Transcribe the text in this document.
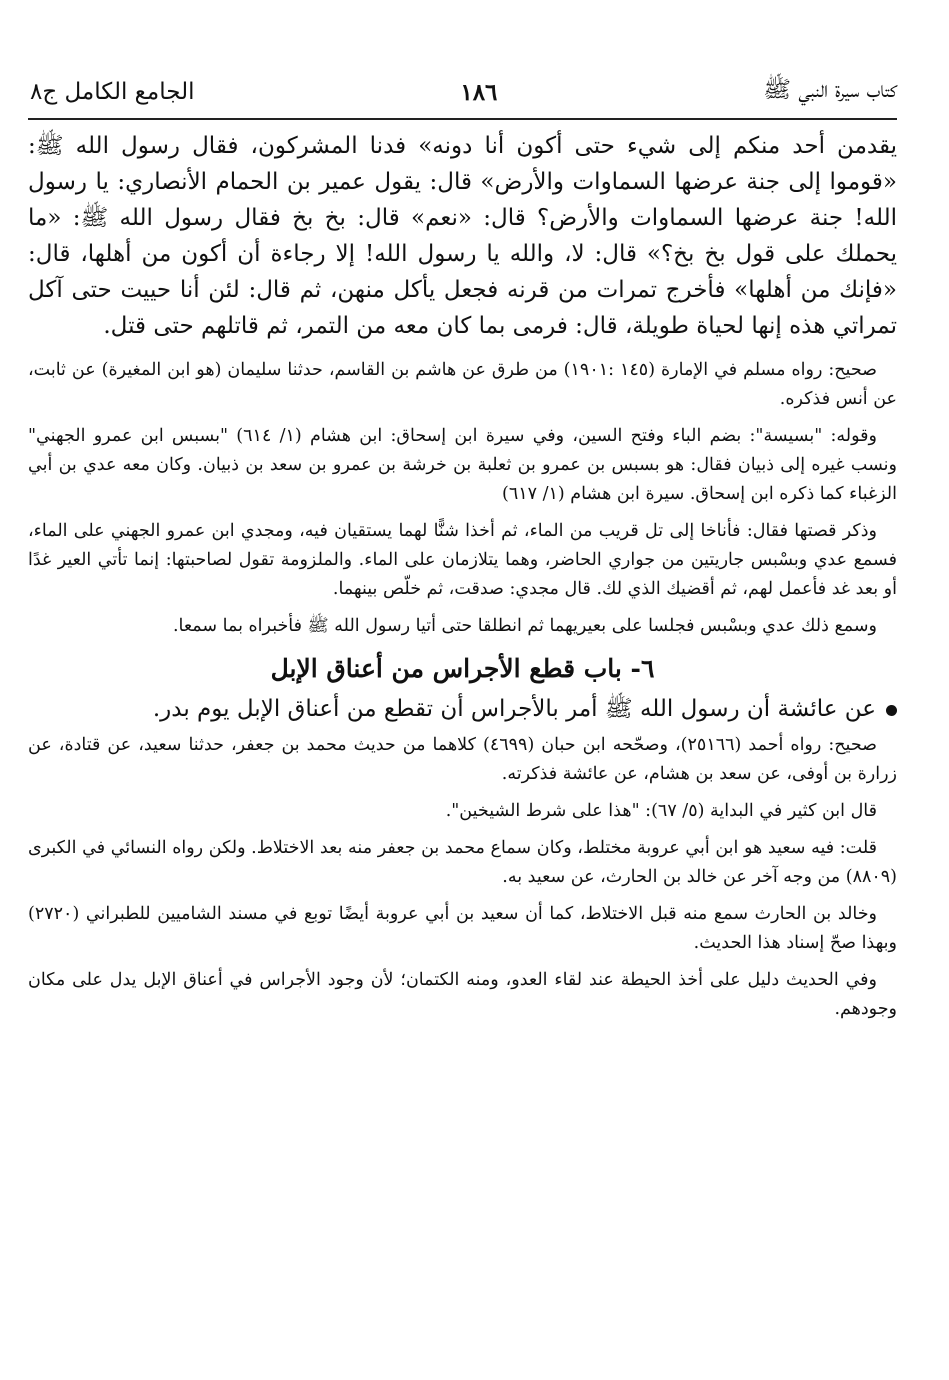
كتاب سيرة النبي ﷺ
١٨٦
الجامع الكامل ج٨

يقدمن أحد منكم إلى شيء حتى أكون أنا دونه» فدنا المشركون، فقال رسول الله ﷺ: «قوموا إلى جنة عرضها السماوات والأرض» قال: يقول عمير بن الحمام الأنصاري: يا رسول الله! جنة عرضها السماوات والأرض؟ قال: «نعم» قال: بخ بخ فقال رسول الله ﷺ: «ما يحملك على قول بخ بخ؟» قال: لا، والله يا رسول الله! إلا رجاءة أن أكون من أهلها، قال: «فإنك من أهلها» فأخرج تمرات من قرنه فجعل يأكل منهن، ثم قال: لئن أنا حييت حتى آكل تمراتي هذه إنها لحياة طويلة، قال: فرمى بما كان معه من التمر، ثم قاتلهم حتى قتل.

صحيح: رواه مسلم في الإمارة (١٤٥ :١٩٠١) من طرق عن هاشم بن القاسم، حدثنا سليمان (هو ابن المغيرة) عن ثابت، عن أنس فذكره.

وقوله: "بسيسة": بضم الباء وفتح السين، وفي سيرة ابن إسحاق: ابن هشام (١/ ٦١٤) "بسبس ابن عمرو الجهني" ونسب غيره إلى ذبيان فقال: هو بسبس بن عمرو بن ثعلبة بن خرشة بن عمرو بن سعد بن ذبيان. وكان معه عدي بن أبي الزغباء كما ذكره ابن إسحاق. سيرة ابن هشام (١/ ٦١٧)

وذكر قصتها فقال: فأناخا إلى تل قريب من الماء، ثم أخذا شنًّا لهما يستقيان فيه، ومجدي ابن عمرو الجهني على الماء، فسمع عدي وبسْبس جاريتين من جواري الحاضر، وهما يتلازمان على الماء. والملزومة تقول لصاحبتها: إنما تأتي العير غدًا أو بعد غد فأعمل لهم، ثم أقضيك الذي لك. قال مجدي: صدقت، ثم خلّص بينهما.

وسمع ذلك عدي وبسْبس فجلسا على بعيريهما ثم انطلقا حتى أتيا رسول الله ﷺ فأخبراه بما سمعا.

٦- باب قطع الأجراس من أعناق الإبل

عن عائشة أن رسول الله ﷺ أمر بالأجراس أن تقطع من أعناق الإبل يوم بدر.

صحيح: رواه أحمد (٢٥١٦٦)، وصحّحه ابن حبان (٤٦٩٩) كلاهما من حديث محمد بن جعفر، حدثنا سعيد، عن قتادة، عن زرارة بن أوفى، عن سعد بن هشام، عن عائشة فذكرته.

قال ابن كثير في البداية (٥/ ٦٧): "هذا على شرط الشيخين".

قلت: فيه سعيد هو ابن أبي عروبة مختلط، وكان سماع محمد بن جعفر منه بعد الاختلاط. ولكن رواه النسائي في الكبرى (٨٨٠٩) من وجه آخر عن خالد بن الحارث، عن سعيد به.

وخالد بن الحارث سمع منه قبل الاختلاط، كما أن سعيد بن أبي عروبة أيضًا توبع في مسند الشاميين للطبراني (٢٧٢٠) وبهذا صحّ إسناد هذا الحديث.

وفي الحديث دليل على أخذ الحيطة عند لقاء العدو، ومنه الكتمان؛ لأن وجود الأجراس في أعناق الإبل يدل على مكان وجودهم.
